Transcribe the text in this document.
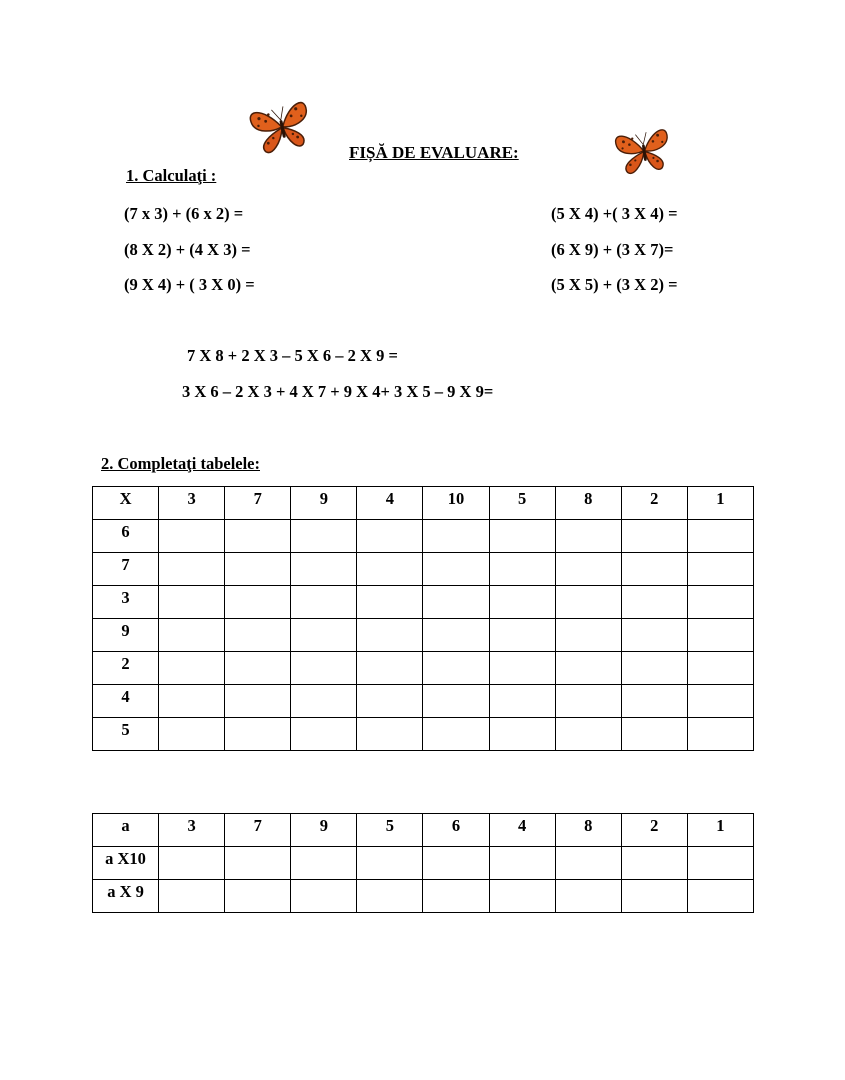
FIȘĂ DE EVALUARE:
1. Calculaţi :
(7 x 3) + (6 x 2) =
(8 X 2) + (4 X 3) =
(9 X 4) + ( 3 X 0) =
(5 X 4) +( 3 X 4) =
(6 X 9) + (3 X 7)=
(5 X 5) + (3 X 2) =
7 X 8 + 2 X 3 – 5 X 6 – 2 X 9 =
3 X 6 – 2 X 3 + 4 X 7 + 9 X 4+ 3 X 5 – 9 X 9=
2. Completaţi tabelele:
X	3	7	9	4	10	5	8	2	1
6									
7									
3									
9									
2									
4									
5									
a	3	7	9	5	6	4	8	2	1
a X10									
a X 9									
